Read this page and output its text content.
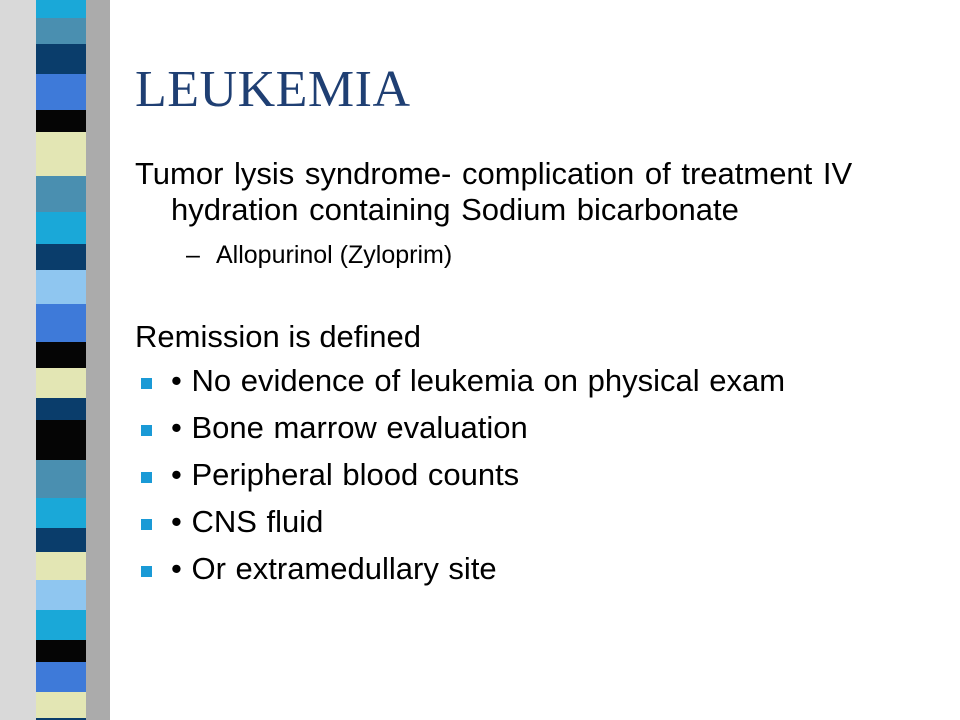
LEUKEMIA

Tumor lysis syndrome- complication of treatment IV hydration containing Sodium bicarbonate

– Allopurinol (Zyloprim)

Remission is defined

• No evidence of leukemia on physical exam
• Bone marrow evaluation
• Peripheral blood counts
• CNS fluid
• Or extramedullary site
